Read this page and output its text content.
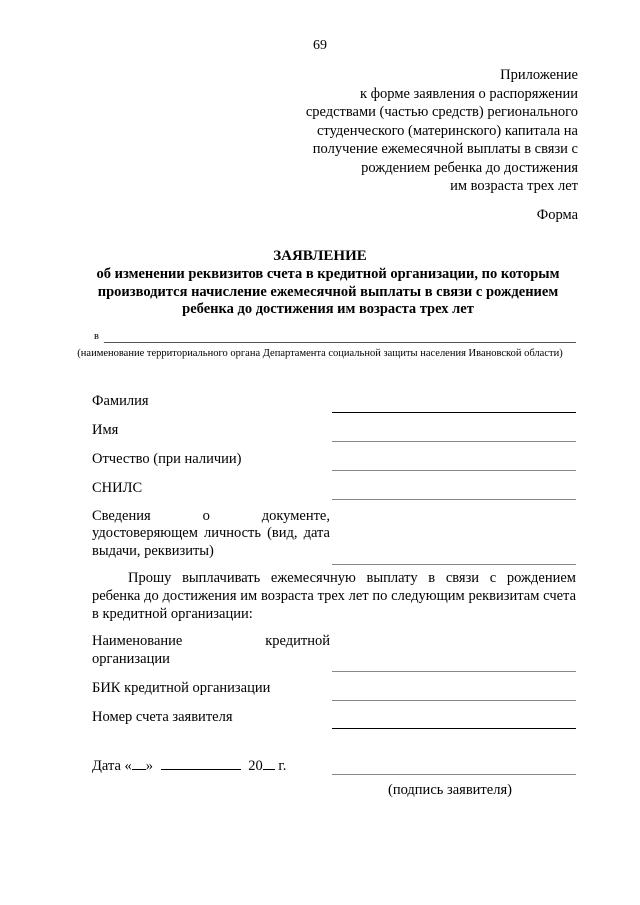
69
Приложение
к форме заявления о распоряжении
средствами (частью средств) регионального
студенческого (материнского) капитала на
получение ежемесячной выплаты в связи с
рождением ребенка до достижения
им возраста трех лет
Форма
ЗАЯВЛЕНИЕ
об изменении реквизитов счета в кредитной организации, по которым производится начисление ежемесячной выплаты в связи с рождением ребенка до достижения им возраста трех лет
в
(наименование территориального органа Департамента социальной защиты населения Ивановской области)
Фамилия
Имя
Отчество (при наличии)
СНИЛС
Сведения	о	документе,
удостоверяющем личность (вид, дата выдачи, реквизиты)
Прошу выплачивать ежемесячную выплату в связи с рождением ребенка до достижения им возраста трех лет по следующим реквизитам счета в кредитной организации:
Наименование	кредитной
организации
БИК кредитной организации
Номер счета заявителя
Дата « »	20 г.
(подпись заявителя)
